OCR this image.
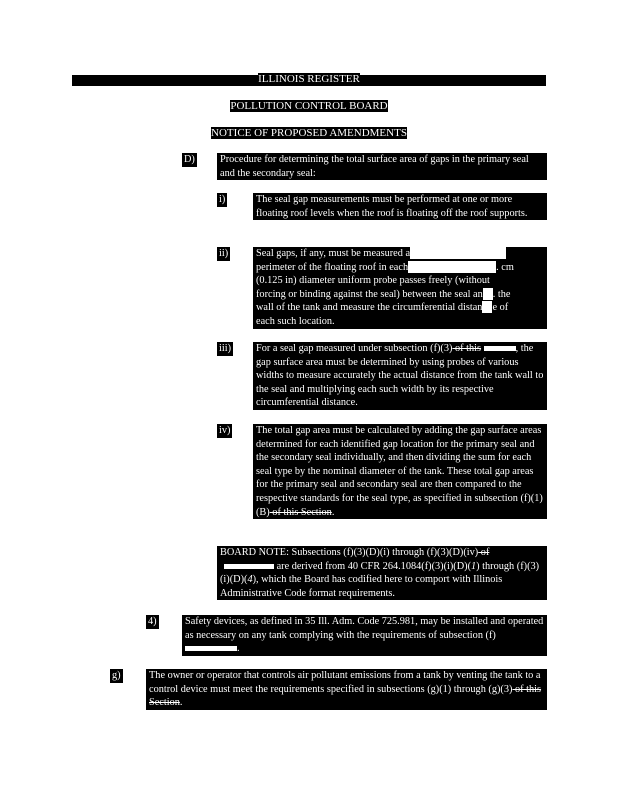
ILLINOIS REGISTER
POLLUTION CONTROL BOARD
NOTICE OF PROPOSED AMENDMENTS
D) Procedure for determining the total surface area of gaps in the primary seal and the secondary seal:
i)	The seal gap measurements must be performed at one or more floating roof levels when the roof is floating off the roof supports.
ii)	Seal gaps, if any, must be measured a
perimeter of the floating roof in each	. cm
(0.125 in) diameter uniform probe passes freely (without
forcing or binding against the seal) between the seal an . the
wall of the tank and measure the circumferential distan e of
each such location.
iii) For a seal gap measured under subsection (f)(3) of this	, the gap surface area must be determined by using probes of various widths to measure accurately the actual distance from the tank wall to the seal and multiplying each such width by its respective circumferential distance.
iv) The total gap area must be calculated by adding the gap surface areas determined for each identified gap location for the primary seal and the secondary seal individually, and then dividing the sum for each seal type by the nominal diameter of the tank. These total gap areas for the primary seal and secondary seal are then compared to the respective standards for the seal type, as specified in subsection (f)(1)(B) of this Section.
BOARD NOTE: Subsections (f)(3)(D)(i) through (f)(3)(D)(iv) of
are derived from 40 CFR 264.1084(f)(3)(i)(D)(1) through (f)(3)(i)(D)(4), which the Board has codified here to comport with Illinois Administrative Code format requirements.
4)	Safety devices, as defined in 35 Ill. Adm. Code 725.981, may be installed and operated as necessary on any tank complying with the requirements of subsection (f) .
g)	The owner or operator that controls air pollutant emissions from a tank by venting the tank to a control device must meet the requirements specified in subsections (g)(1) through (g)(3) of this Section.
